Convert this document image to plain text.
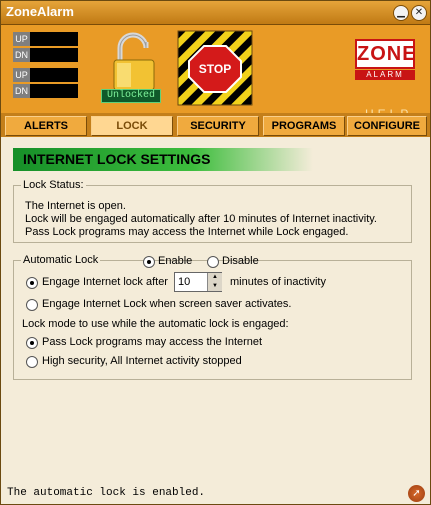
ZoneAlarm	▁ ✕
UP
DN
UP
DN	Unlocked
STOP
ZONE
ALARM
ALERTS	LOCK	SECURITY	PROGRAMS	CONFIGURE
INTERNET LOCK SETTINGS
Lock Status:
The Internet is open.
Lock will be engaged automatically after 10 minutes of Internet inactivity.
Pass Lock programs may access the Internet while Lock engaged.
Automatic Lock	Enable	Disable
Engage Internet lock after
10	▲
▼	minutes of inactivity
Engage Internet Lock when screen saver activates.
Lock mode to use while the automatic lock is engaged:
Pass Lock programs may access the Internet
High security, All Internet activity stopped
The automatic lock is enabled.	➚
